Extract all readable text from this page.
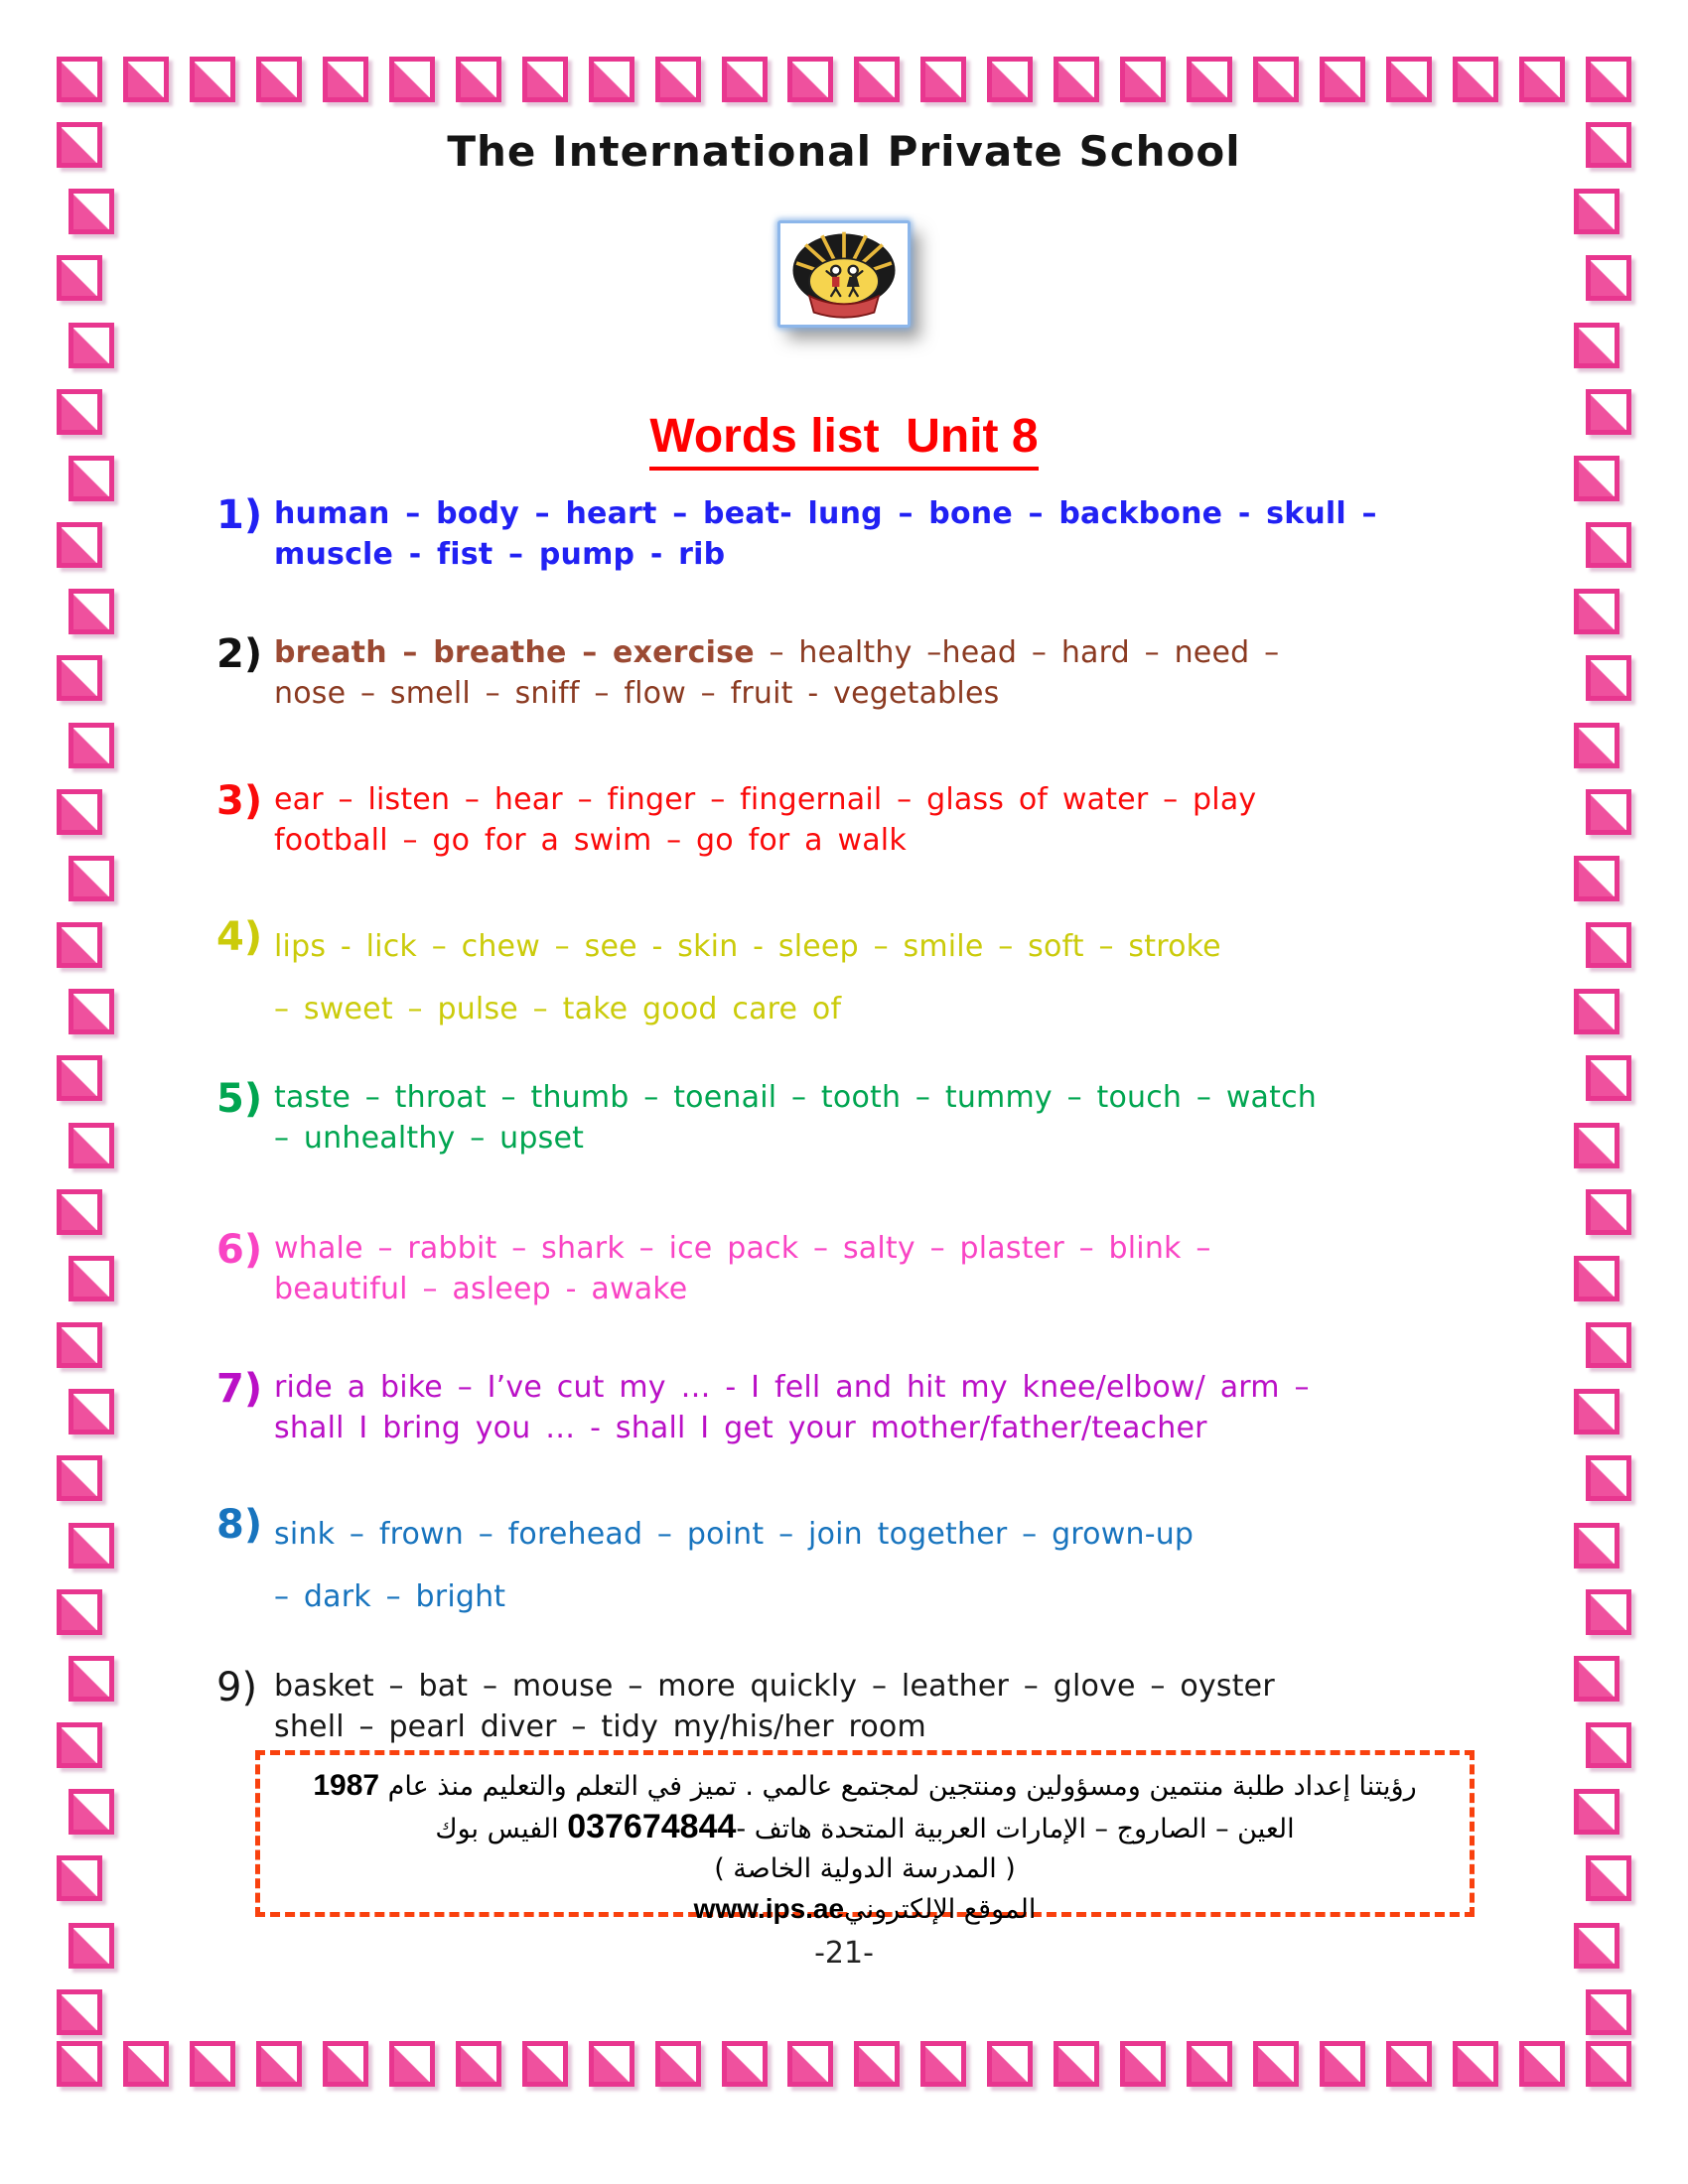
The International Private School
Words list  Unit 8
1) human – body – heart – beat- lung – bone – backbone - skull –
muscle - fist – pump - rib
2) breath – breathe – exercise – healthy –head – hard – need –
nose – smell – sniff – flow – fruit - vegetables
3) ear – listen – hear – finger – fingernail – glass of water – play
football – go for a swim – go for a walk
4) lips - lick – chew – see - skin - sleep – smile – soft – stroke
– sweet – pulse – take good care of
5) taste – throat – thumb – toenail – tooth – tummy – touch – watch
– unhealthy – upset
6) whale – rabbit – shark – ice pack – salty – plaster – blink –
beautiful – asleep - awake
7) ride a bike – I’ve cut my … - I fell and hit my knee/elbow/ arm –
shall I bring you … - shall I get your mother/father/teacher
8) sink – frown – forehead – point – join together – grown-up
– dark – bright
9) basket – bat – mouse – more quickly – leather – glove – oyster
shell – pearl diver – tidy my/his/her room
رؤيتنا إعداد طلبة منتمين ومسؤولين ومنتجين لمجتمع عالمي . تميز في التعلم والتعليم منذ عام 1987
العين – الصاروج – الإمارات العربية المتحدة هاتف -037674844 الفيس بوك
( المدرسة الدولية الخاصة )
الموقع الإلكترونيwww.ips.ae
-21-
